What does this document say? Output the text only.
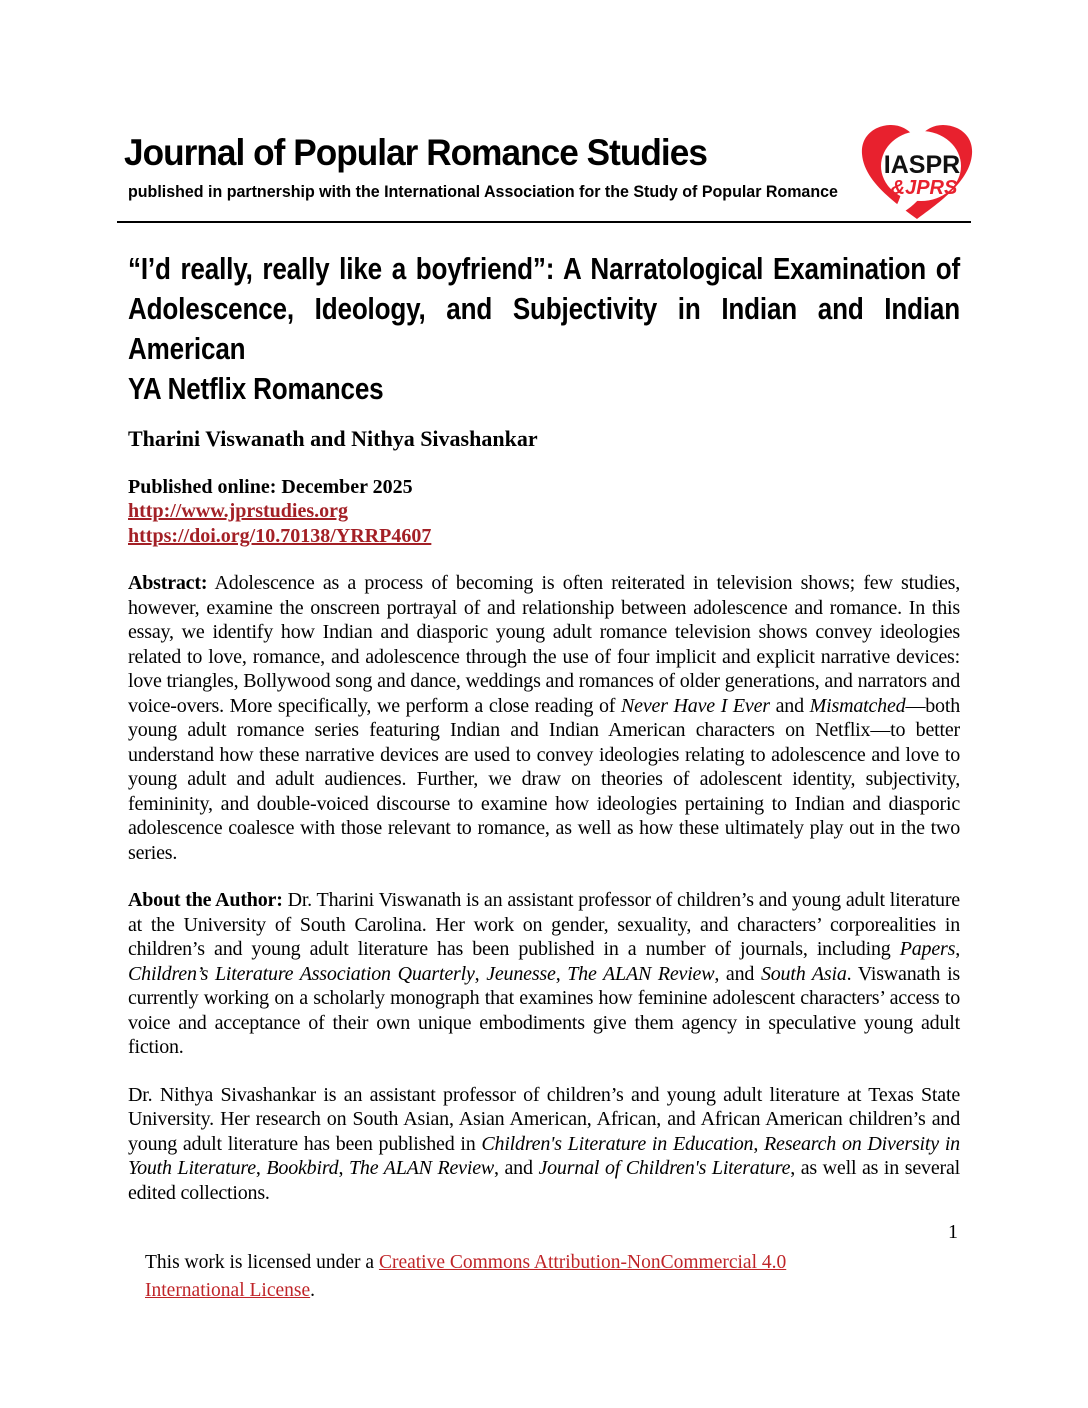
IASPR
&JPRS
Journal of Popular Romance Studies
published in partnership with the International Association for the Study of Popular Romance
“I’d really, really like a boyfriend”: A Narratological Examination of
Adolescence, Ideology, and Subjectivity in Indian and Indian American
YA Netflix Romances
Tharini Viswanath and Nithya Sivashankar
Published online: December 2025
http://www.jprstudies.org
https://doi.org/10.70138/YRRP4607
Abstract: Adolescence as a process of becoming is often reiterated in television shows; few studies, however, examine the onscreen portrayal of and relationship between adolescence and romance. In this essay, we identify how Indian and diasporic young adult romance television shows convey ideologies related to love, romance, and adolescence through the use of four implicit and explicit narrative devices: love triangles, Bollywood song and dance, weddings and romances of older generations, and narrators and voice-overs. More specifically, we perform a close reading of Never Have I Ever and Mismatched—both young adult romance series featuring Indian and Indian American characters on Netflix—to better understand how these narrative devices are used to convey ideologies relating to adolescence and love to young adult and adult audiences. Further, we draw on theories of adolescent identity, subjectivity, femininity, and double-voiced discourse to examine how ideologies pertaining to Indian and diasporic adolescence coalesce with those relevant to romance, as well as how these ultimately play out in the two series.
About the Author: Dr. Tharini Viswanath is an assistant professor of children’s and young adult literature at the University of South Carolina. Her work on gender, sexuality, and characters’ corporealities in children’s and young adult literature has been published in a number of journals, including Papers, Children’s Literature Association Quarterly, Jeunesse, The ALAN Review, and South Asia. Viswanath is currently working on a scholarly monograph that examines how feminine adolescent characters’ access to voice and acceptance of their own unique embodiments give them agency in speculative young adult fiction.
Dr. Nithya Sivashankar is an assistant professor of children’s and young adult literature at Texas State University. Her research on South Asian, Asian American, African, and African American children’s and young adult literature has been published in Children's Literature in Education, Research on Diversity in Youth Literature, Bookbird, The ALAN Review, and Journal of Children's Literature, as well as in several edited collections.
1
This work is licensed under a Creative Commons Attribution-NonCommercial 4.0 International License.
